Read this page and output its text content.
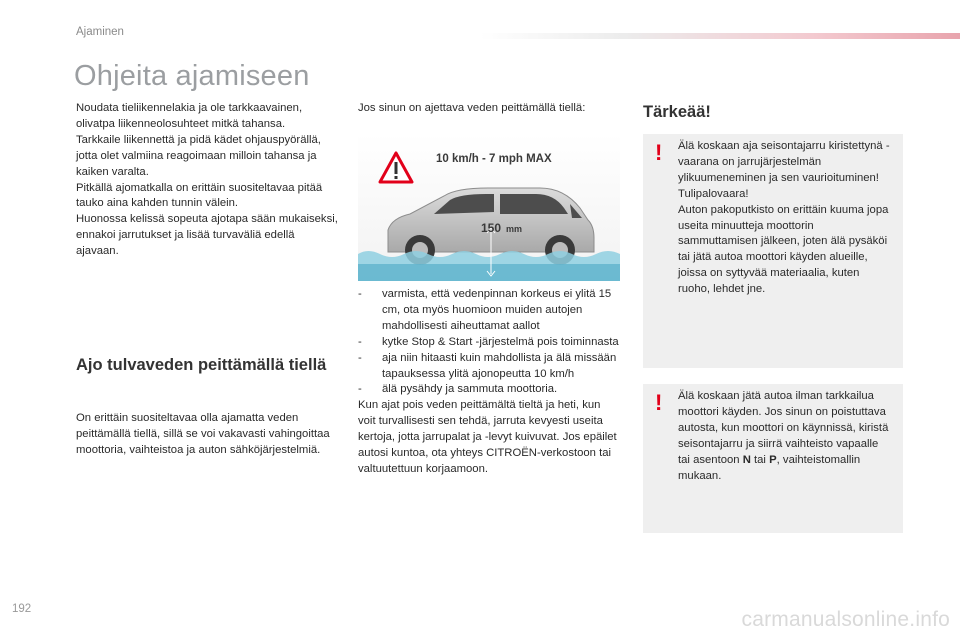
Ajaminen
Ohjeita ajamiseen
Noudata tieliikennelakia ja ole tarkkaavainen, olivatpa liikenneolosuhteet mitkä tahansa.
Tarkkaile liikennettä ja pidä kädet ohjauspyörällä, jotta olet valmiina reagoimaan milloin tahansa ja kaiken varalta.
Pitkällä ajomatkalla on erittäin suositeltavaa pitää tauko aina kahden tunnin välein.
Huonossa kelissä sopeuta ajotapa sään mukaiseksi, ennakoi jarrutukset ja lisää turvaväliä edellä ajavaan.
Ajo tulvaveden peittämällä tiellä
On erittäin suositeltavaa olla ajamatta veden peittämällä tiellä, sillä se voi vakavasti vahingoittaa moottoria, vaihteistoa ja auton sähköjärjestelmiä.
Jos sinun on ajettava veden peittämällä tiellä:
10 km/h - 7 mph MAX
150 mm
-	varmista, että vedenpinnan korkeus ei ylitä 15 cm, ota myös huomioon muiden autojen mahdollisesti aiheuttamat aallot
-	kytke Stop & Start -järjestelmä pois toiminnasta
-	aja niin hitaasti kuin mahdollista ja älä missään tapauksessa ylitä ajonopeutta 10 km/h
-	älä pysähdy ja sammuta moottoria.
Kun ajat pois veden peittämältä tieltä ja heti, kun voit turvallisesti sen tehdä, jarruta kevyesti useita kertoja, jotta jarrupalat ja -levyt kuivuvat. Jos epäilet autosi kuntoa, ota yhteys CITROËN-verkostoon tai valtuutettuun korjaamoon.
Tärkeää!
! Älä koskaan aja seisontajarru kiristettynä - vaarana on jarrujärjestelmän ylikuumeneminen ja sen vaurioituminen!
Tulipalovaara!
Auton pakoputkisto on erittäin kuuma jopa useita minuutteja moottorin sammuttamisen jälkeen, joten älä pysäköi tai jätä autoa moottori käyden alueille, joissa on syttyvää materiaalia, kuten ruoho, lehdet jne.
! Älä koskaan jätä autoa ilman tarkkailua moottori käyden. Jos sinun on poistuttava autosta, kun moottori on käynnissä, kiristä seisontajarru ja siirrä vaihteisto vapaalle tai asentoon N tai P, vaihteistomallin mukaan.
192	carmanualsonline.info
